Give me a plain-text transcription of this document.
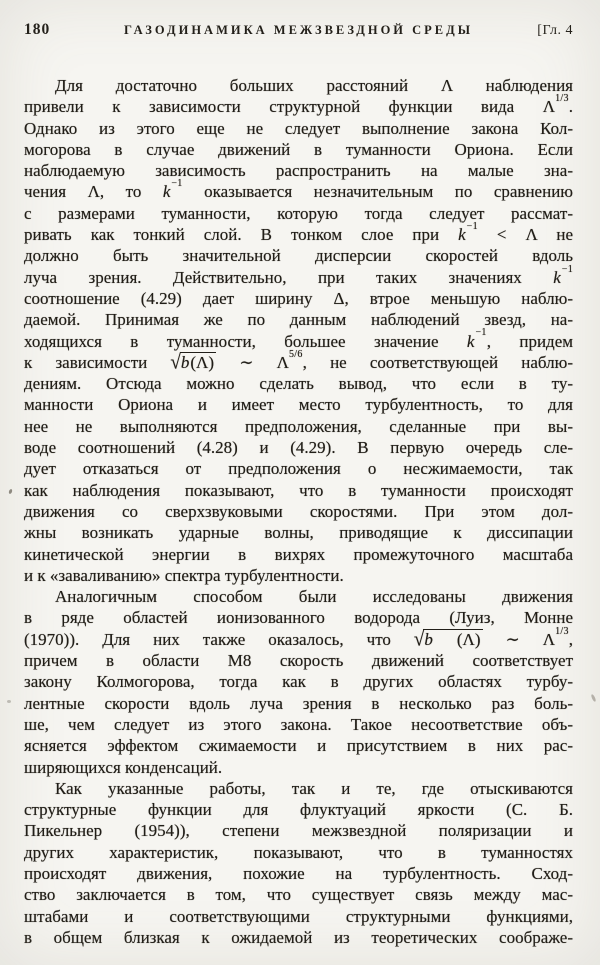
180	ГАЗОДИНАМИКА МЕЖЗВЕЗДНОЙ СРЕДЫ	[Гл. 4
Для достаточно больших расстояний Λ наблюдения
привели к зависимости структурной функции вида $\Lambda^{1/3}$.
Однако из этого еще не следует выполнение закона Кол-
могорова в случае движений в туманности Ориона. Если
наблюдаемую зависимость распространить на малые зна-
чения Λ, то $k^{-1}$ оказывается незначительным по сравнению
с размерами туманности, которую тогда следует рассмат-
ривать как тонкий слой. В тонком слое при $k^{-1} < \Lambda$ не
должно быть значительной дисперсии скоростей вдоль
луча зрения. Действительно, при таких значениях $k^{-1}$
соотношение (4.29) дает ширину Δ, втрое меньшую наблю-
даемой. Принимая же по данным наблюдений звезд, на-
ходящихся в туманности, большее значение $k^{-1}$, придем
к зависимости √b(Λ) ∼ $\Lambda^{5/6}$, не соответствующей наблю-
дениям. Отсюда можно сделать вывод, что если в ту-
манности Ориона и имеет место турбулентность, то для
нее не выполняются предположения, сделанные при вы-
воде соотношений (4.28) и (4.29). В первую очередь сле-
дует отказаться от предположения о несжимаемости, так
как наблюдения показывают, что в туманности происходят
движения со сверхзвуковыми скоростями. При этом дол-
жны возникать ударные волны, приводящие к диссипации
кинетической энергии в вихрях промежуточного масштаба
и к «заваливанию» спектра турбулентности.
Аналогичным способом были исследованы движения
в ряде областей ионизованного водорода (Луиз, Монне
(1970)). Для них также оказалось, что √b (Λ) ∼ $\Lambda^{1/3}$,
причем в области М8 скорость движений соответствует
закону Колмогорова, тогда как в других областях турбу-
лентные скорости вдоль луча зрения в несколько раз боль-
ше, чем следует из этого закона. Такое несоответствие объ-
ясняется эффектом сжимаемости и присутствием в них рас-
ширяющихся конденсаций.
Как указанные работы, так и те, где отыскиваются
структурные функции для флуктуаций яркости (С. Б.
Пикельнер (1954)), степени межзвездной поляризации и
других характеристик, показывают, что в туманностях
происходят движения, похожие на турбулентность. Сход-
ство заключается в том, что существует связь между мас-
штабами и соответствующими структурными функциями,
в общем близкая к ожидаемой из теоретических соображе-
